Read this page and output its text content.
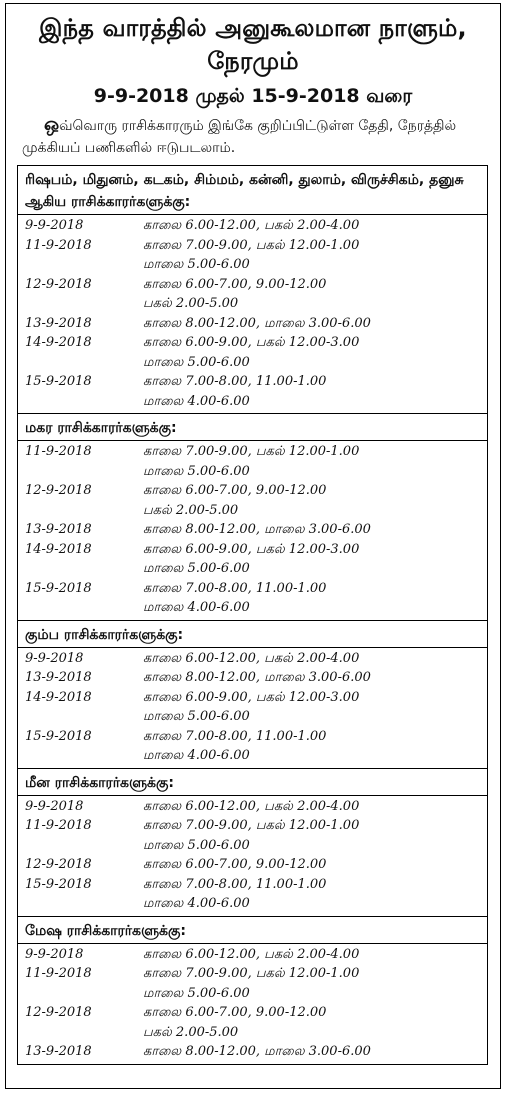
இந்த வாரத்தில் அனுகூலமான நாளும், நேரமும்
9-9-2018 முதல் 15-9-2018 வரை
ஒவ்வொரு ராசிக்காரரும் இங்கே குறிப்பிட்டுள்ள தேதி, நேரத்தில் முக்கியப் பணிகளில் ஈடுபடலாம்.
ரிஷபம், மிதுனம், கடகம், சிம்மம், கன்னி, துலாம், விருச்சிகம், தனுசு ஆகிய ராசிக்காரர்களுக்கு:
9-9-2018	காலை 6.00-12.00, பகல் 2.00-4.00
11-9-2018	காலை 7.00-9.00, பகல் 12.00-1.00
மாலை 5.00-6.00
12-9-2018	காலை 6.00-7.00, 9.00-12.00
பகல் 2.00-5.00
13-9-2018	காலை 8.00-12.00, மாலை 3.00-6.00
14-9-2018	காலை 6.00-9.00, பகல் 12.00-3.00
மாலை 5.00-6.00
15-9-2018	காலை 7.00-8.00, 11.00-1.00
மாலை 4.00-6.00
மகர ராசிக்காரர்களுக்கு:
11-9-2018	காலை 7.00-9.00, பகல் 12.00-1.00
மாலை 5.00-6.00
12-9-2018	காலை 6.00-7.00, 9.00-12.00
பகல் 2.00-5.00
13-9-2018	காலை 8.00-12.00, மாலை 3.00-6.00
14-9-2018	காலை 6.00-9.00, பகல் 12.00-3.00
மாலை 5.00-6.00
15-9-2018	காலை 7.00-8.00, 11.00-1.00
மாலை 4.00-6.00
கும்ப ராசிக்காரர்களுக்கு:
9-9-2018	காலை 6.00-12.00, பகல் 2.00-4.00
13-9-2018	காலை 8.00-12.00, மாலை 3.00-6.00
14-9-2018	காலை 6.00-9.00, பகல் 12.00-3.00
மாலை 5.00-6.00
15-9-2018	காலை 7.00-8.00, 11.00-1.00
மாலை 4.00-6.00
மீன ராசிக்காரர்களுக்கு:
9-9-2018	காலை 6.00-12.00, பகல் 2.00-4.00
11-9-2018	காலை 7.00-9.00, பகல் 12.00-1.00
மாலை 5.00-6.00
12-9-2018	காலை 6.00-7.00, 9.00-12.00
15-9-2018	காலை 7.00-8.00, 11.00-1.00
மாலை 4.00-6.00
மேஷ ராசிக்காரர்களுக்கு:
9-9-2018	காலை 6.00-12.00, பகல் 2.00-4.00
11-9-2018	காலை 7.00-9.00, பகல் 12.00-1.00
மாலை 5.00-6.00
12-9-2018	காலை 6.00-7.00, 9.00-12.00
பகல் 2.00-5.00
13-9-2018	காலை 8.00-12.00, மாலை 3.00-6.00
